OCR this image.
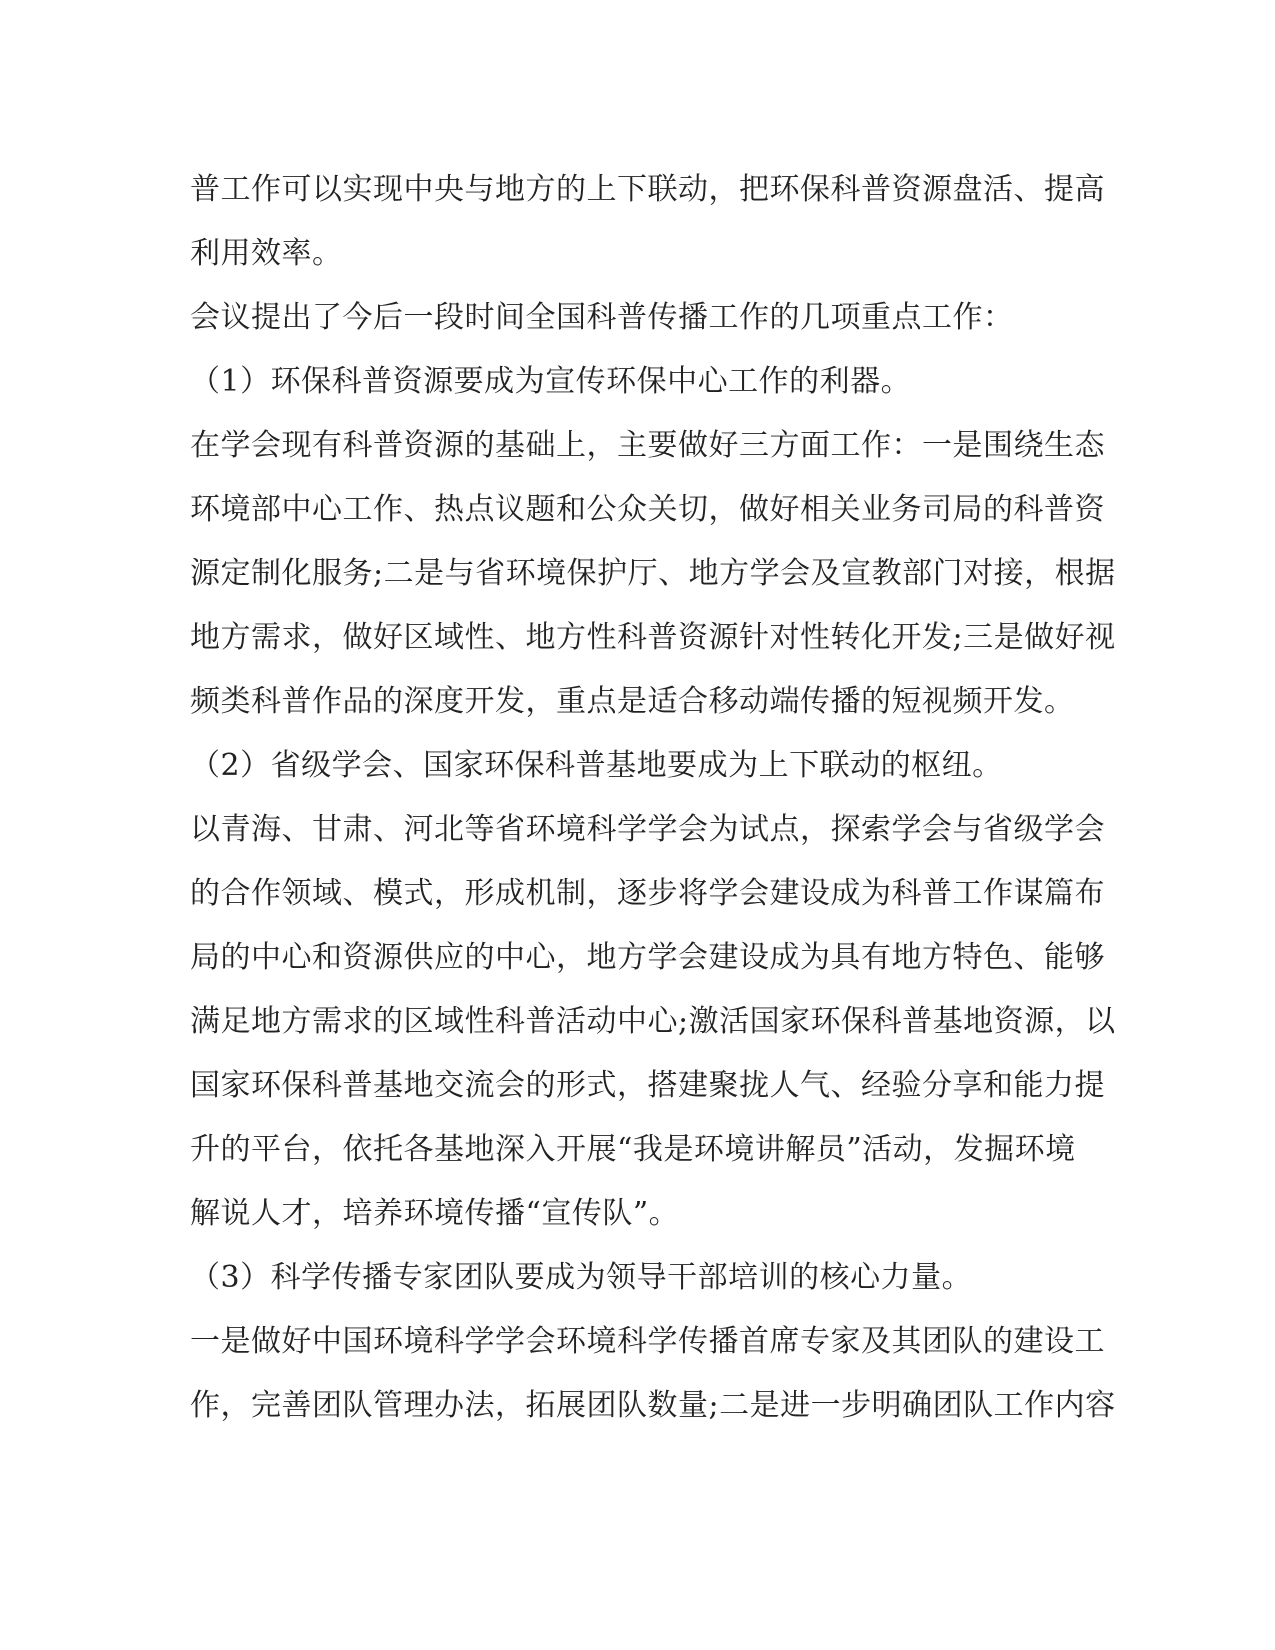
普工作可以实现中央与地方的上下联动，把环保科普资源盘活、提高
利用效率。
会议提出了今后一段时间全国科普传播工作的几项重点工作：
（1）环保科普资源要成为宣传环保中心工作的利器。
在学会现有科普资源的基础上，主要做好三方面工作：一是围绕生态
环境部中心工作、热点议题和公众关切，做好相关业务司局的科普资
源定制化服务;二是与省环境保护厅、地方学会及宣教部门对接，根据
地方需求，做好区域性、地方性科普资源针对性转化开发;三是做好视
频类科普作品的深度开发，重点是适合移动端传播的短视频开发。
（2）省级学会、国家环保科普基地要成为上下联动的枢纽。
以青海、甘肃、河北等省环境科学学会为试点，探索学会与省级学会
的合作领域、模式，形成机制，逐步将学会建设成为科普工作谋篇布
局的中心和资源供应的中心，地方学会建设成为具有地方特色、能够
满足地方需求的区域性科普活动中心;激活国家环保科普基地资源，以
国家环保科普基地交流会的形式，搭建聚拢人气、经验分享和能力提
升的平台，依托各基地深入开展“我是环境讲解员”活动，发掘环境
解说人才，培养环境传播“宣传队”。
（3）科学传播专家团队要成为领导干部培训的核心力量。
一是做好中国环境科学学会环境科学传播首席专家及其团队的建设工
作，完善团队管理办法，拓展团队数量;二是进一步明确团队工作内容
